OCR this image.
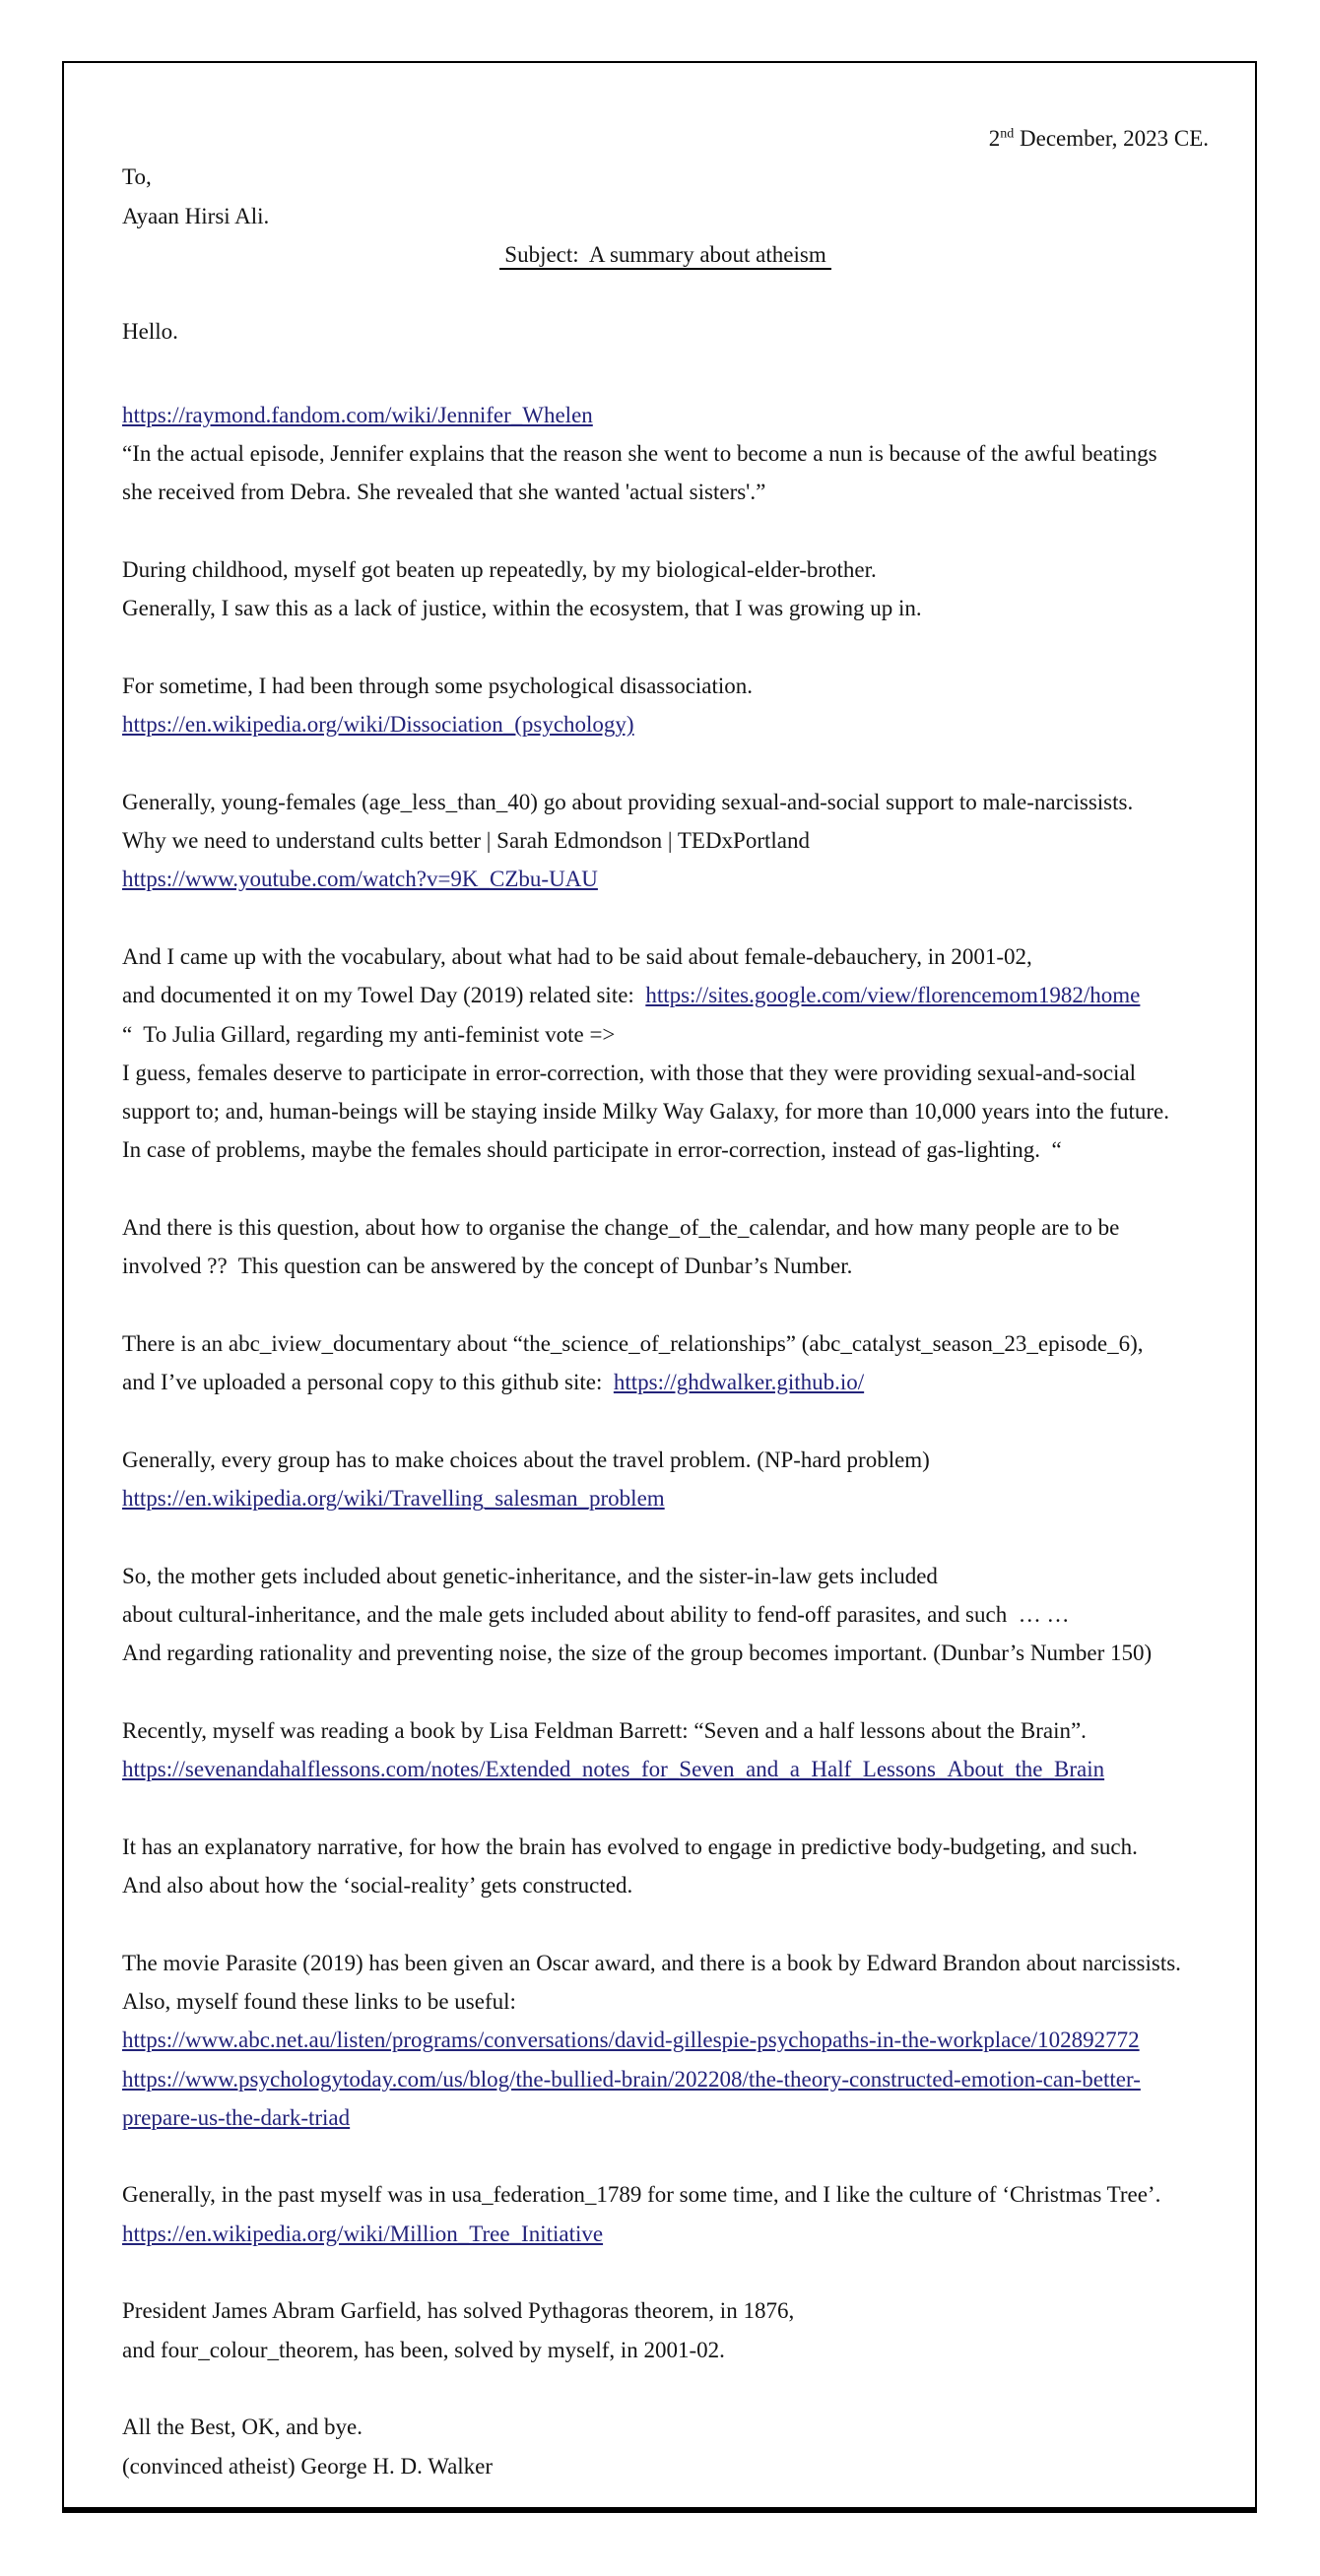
2nd December, 2023 CE.
To,
Ayaan Hirsi Ali.
Subject:  A summary about atheism
Hello.
https://raymond.fandom.com/wiki/Jennifer_Whelen
“In the actual episode, Jennifer explains that the reason she went to become a nun is because of the awful beatings
she received from Debra. She revealed that she wanted 'actual sisters'.”
During childhood, myself got beaten up repeatedly, by my biological-elder-brother.
Generally, I saw this as a lack of justice, within the ecosystem, that I was growing up in.
For sometime, I had been through some psychological disassociation.
https://en.wikipedia.org/wiki/Dissociation_(psychology)
Generally, young-females (age_less_than_40) go about providing sexual-and-social support to male-narcissists.
Why we need to understand cults better | Sarah Edmondson | TEDxPortland
https://www.youtube.com/watch?v=9K_CZbu-UAU
And I came up with the vocabulary, about what had to be said about female-debauchery, in 2001-02,
and documented it on my Towel Day (2019) related site:  https://sites.google.com/view/florencemom1982/home
“  To Julia Gillard, regarding my anti-feminist vote =>
I guess, females deserve to participate in error-correction, with those that they were providing sexual-and-social
support to; and, human-beings will be staying inside Milky Way Galaxy, for more than 10,000 years into the future.
In case of problems, maybe the females should participate in error-correction, instead of gas-lighting.  “
And there is this question, about how to organise the change_of_the_calendar, and how many people are to be
involved ??  This question can be answered by the concept of Dunbar’s Number.
There is an abc_iview_documentary about “the_science_of_relationships” (abc_catalyst_season_23_episode_6),
and I’ve uploaded a personal copy to this github site:  https://ghdwalker.github.io/
Generally, every group has to make choices about the travel problem. (NP-hard problem)
https://en.wikipedia.org/wiki/Travelling_salesman_problem
So, the mother gets included about genetic-inheritance, and the sister-in-law gets included
about cultural-inheritance, and the male gets included about ability to fend-off parasites, and such  … …
And regarding rationality and preventing noise, the size of the group becomes important. (Dunbar’s Number 150)
Recently, myself was reading a book by Lisa Feldman Barrett: “Seven and a half lessons about the Brain”.
https://sevenandahalflessons.com/notes/Extended_notes_for_Seven_and_a_Half_Lessons_About_the_Brain
It has an explanatory narrative, for how the brain has evolved to engage in predictive body-budgeting, and such.
And also about how the ‘social-reality’ gets constructed.
The movie Parasite (2019) has been given an Oscar award, and there is a book by Edward Brandon about narcissists.
Also, myself found these links to be useful:
https://www.abc.net.au/listen/programs/conversations/david-gillespie-psychopaths-in-the-workplace/102892772
https://www.psychologytoday.com/us/blog/the-bullied-brain/202208/the-theory-constructed-emotion-can-better-
prepare-us-the-dark-triad
Generally, in the past myself was in usa_federation_1789 for some time, and I like the culture of ‘Christmas Tree’.
https://en.wikipedia.org/wiki/Million_Tree_Initiative
President James Abram Garfield, has solved Pythagoras theorem, in 1876,
and four_colour_theorem, has been, solved by myself, in 2001-02.
All the Best, OK, and bye.
(convinced atheist) George H. D. Walker
